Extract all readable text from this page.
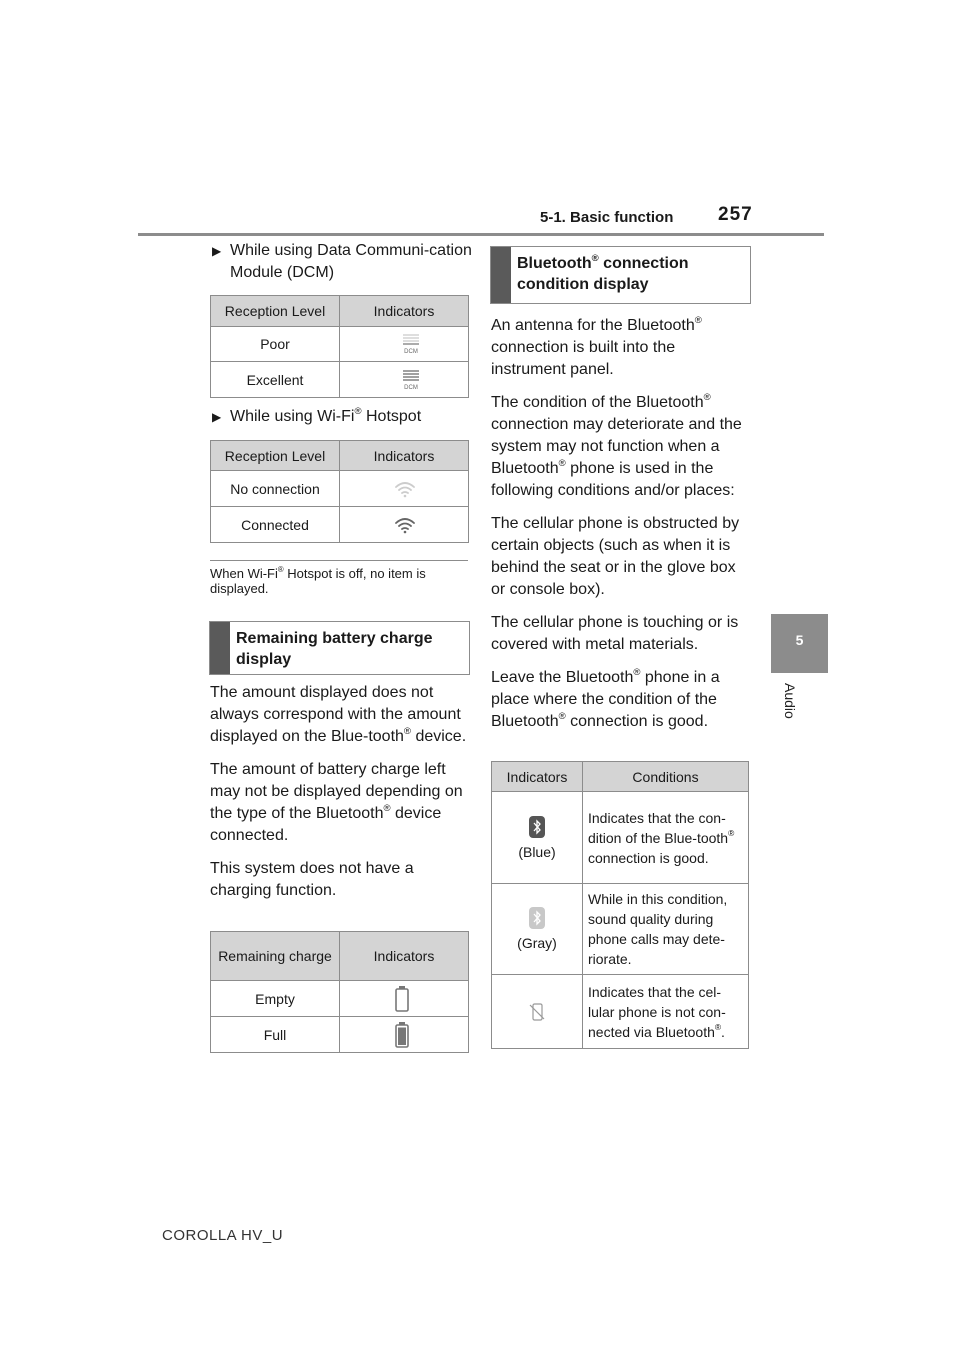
5-1. Basic function 257
5
Audio
▶ While using Data Communi-cation Module (DCM)
Reception Level	Indicators
Poor	DCM

Excellent	DCM
▶ While using Wi-Fi® Hotspot
Reception Level	Indicators
No connection	

Connected	
When Wi-Fi® Hotspot is off, no item is displayed.
Remaining battery charge display

The amount displayed does not always correspond with the amount displayed on the Blue-tooth® device.

The amount of battery charge left may not be displayed depending on the type of the Bluetooth® device connected.

This system does not have a charging function.

Remaining charge	Indicators
Empty	

Full	
Bluetooth® connection condition display

An antenna for the Bluetooth® connection is built into the instrument panel.

The condition of the Bluetooth® connection may deteriorate and the system may not function when a Bluetooth® phone is used in the following conditions and/or places:

The cellular phone is obstructed by certain objects (such as when it is behind the seat or in the glove box or console box).

The cellular phone is touching or is covered with metal materials.

Leave the Bluetooth® phone in a place where the condition of the Bluetooth® connection is good.

Indicators	Conditions

(Blue)	Indicates that the con-dition of the Blue-tooth® connection is good.

(Gray)	While in this condition, sound quality during phone calls may dete-riorate.

	Indicates that the cel-lular phone is not con-nected via Bluetooth®.
COROLLA HV_U
